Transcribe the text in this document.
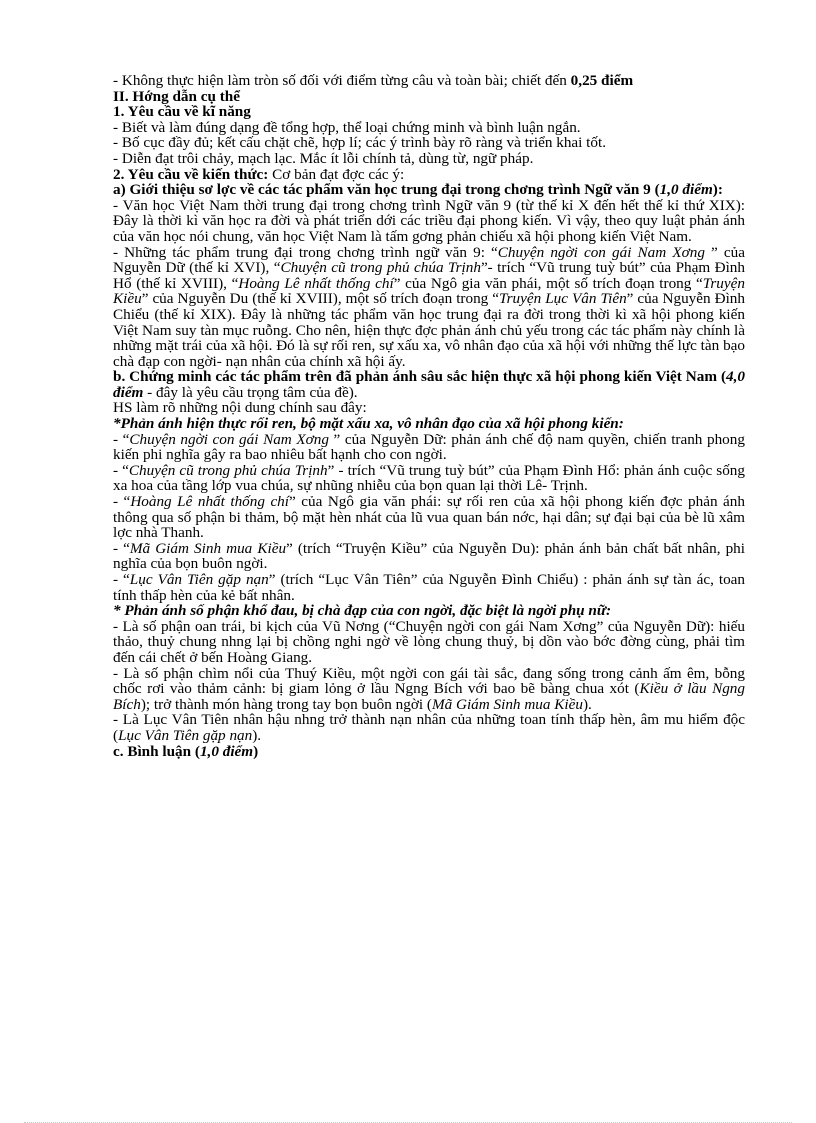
- Không thực hiện làm tròn số đối với điểm từng câu và toàn bài; chiết đến 0,25 điểm

II. Hớng dẫn cụ thể

1. Yêu cầu về kĩ năng

- Biết và làm đúng dạng đề tổng hợp, thể loại chứng minh và bình luận ngắn.

- Bố cục đầy đủ; kết cấu chặt chẽ, hợp lí; các ý trình bày rõ ràng và triển khai tốt.

- Diễn đạt trôi chảy, mạch lạc. Mắc ít lỗi chính tả, dùng từ, ngữ pháp.

2. Yêu cầu về kiến thức: Cơ bản đạt đợc các ý:

a) Giới thiệu sơ lợc về các tác phẩm văn học trung đại trong chơng trình Ngữ văn 9 (1,0 điểm):

- Văn học Việt Nam thời trung đại trong chơng trình Ngữ văn 9 (từ thế kỉ X đến hết thế kỉ thứ XIX): Đây là thời kì văn học ra đời và phát triển dới các triều đại phong kiến. Vì vậy, theo quy luật phản ánh của văn học nói chung, văn học Việt Nam là tấm gơng phản chiếu xã hội phong kiến Việt Nam.

- Những tác phẩm trung đại trong chơng trình ngữ văn 9: “Chuyện ngời con gái Nam Xơng ” của Nguyễn Dữ (thế kỉ XVI), “Chuyện cũ trong phủ chúa Trịnh”- trích “Vũ trung tuỳ bút” của Phạm Đình Hổ (thế kỉ XVIII), “Hoàng Lê nhất thống chí” của Ngô gia văn phái, một số trích đoạn trong “Truyện Kiều” của Nguyễn Du (thế kỉ XVIII), một số trích đoạn trong “Truyện Lục Vân Tiên” của Nguyễn Đình Chiểu (thế kỉ XIX). Đây là những tác phẩm văn học trung đại ra đời trong thời kì xã hội phong kiến Việt Nam suy tàn mục ruỗng. Cho nên, hiện thực đợc phản ánh chủ yếu trong các tác phẩm này chính là những mặt trái của xã hội. Đó là sự rối ren, sự xấu xa, vô nhân đạo của xã hội với những thế lực tàn bạo chà đạp con ngời- nạn nhân của chính xã hội ấy.

b. Chứng minh các tác phẩm trên đã phản ánh sâu sắc hiện thực xã hội phong kiến Việt Nam (4,0 điểm - đây là yêu cầu trọng tâm của đề).

HS làm rõ những nội dung chính sau đây:

*Phản ánh hiện thực rối ren, bộ mặt xấu xa, vô nhân đạo của xã hội phong kiến:

- “Chuyện ngời con gái Nam Xơng ” của Nguyễn Dữ: phản ánh chế độ nam quyền, chiến tranh phong kiến phi nghĩa gây ra bao nhiêu bất hạnh cho con ngời.

- “Chuyện cũ trong phủ chúa Trịnh” - trích “Vũ trung tuỳ bút” của Phạm Đình Hổ: phản ánh cuộc sống xa hoa của tầng lớp vua chúa, sự nhũng nhiễu của bọn quan lại thời Lê- Trịnh.

- “Hoàng Lê nhất thống chí” của Ngô gia văn phái: sự rối ren của xã hội phong kiến đợc phản ánh thông qua số phận bi thảm, bộ mặt hèn nhát của lũ vua quan bán nớc, hại dân; sự đại bại của bè lũ xâm lợc nhà Thanh.

- “Mã Giám Sinh mua Kiều” (trích “Truyện Kiều” của Nguyễn Du): phản ánh bản chất bất nhân, phi nghĩa của bọn buôn ngời.

- “Lục Vân Tiên gặp nạn” (trích “Lục Vân Tiên” của Nguyễn Đình Chiểu) : phản ánh sự tàn ác, toan tính thấp hèn của kẻ bất nhân.

* Phản ánh số phận khổ đau, bị chà đạp của con ngời, đặc biệt là ngời phụ nữ:

- Là số phận oan trái, bi kịch của Vũ Nơng (“Chuyện ngời con gái Nam Xơng” của Nguyễn Dữ): hiếu thảo, thuỷ chung nhng lại bị chồng nghi ngờ về lòng chung thuỷ, bị dồn vào bớc đờng cùng, phải tìm đến cái chết ở bến Hoàng Giang.

- Là số phận chìm nổi của Thuý Kiều, một ngời con gái tài sắc, đang sống trong cảnh ấm êm, bỗng chốc rơi vào thảm cảnh: bị giam lỏng ở lầu Ngng Bích với bao bẽ bàng chua xót (Kiều ở lầu Ngng Bích); trở thành món hàng trong tay bọn buôn ngời (Mã Giám Sinh mua Kiều).

- Là Lục Vân Tiên nhân hậu nhng trở thành nạn nhân của những toan tính thấp hèn, âm mu hiểm độc (Lục Vân Tiên gặp nạn).

c. Bình luận (1,0 điểm)
